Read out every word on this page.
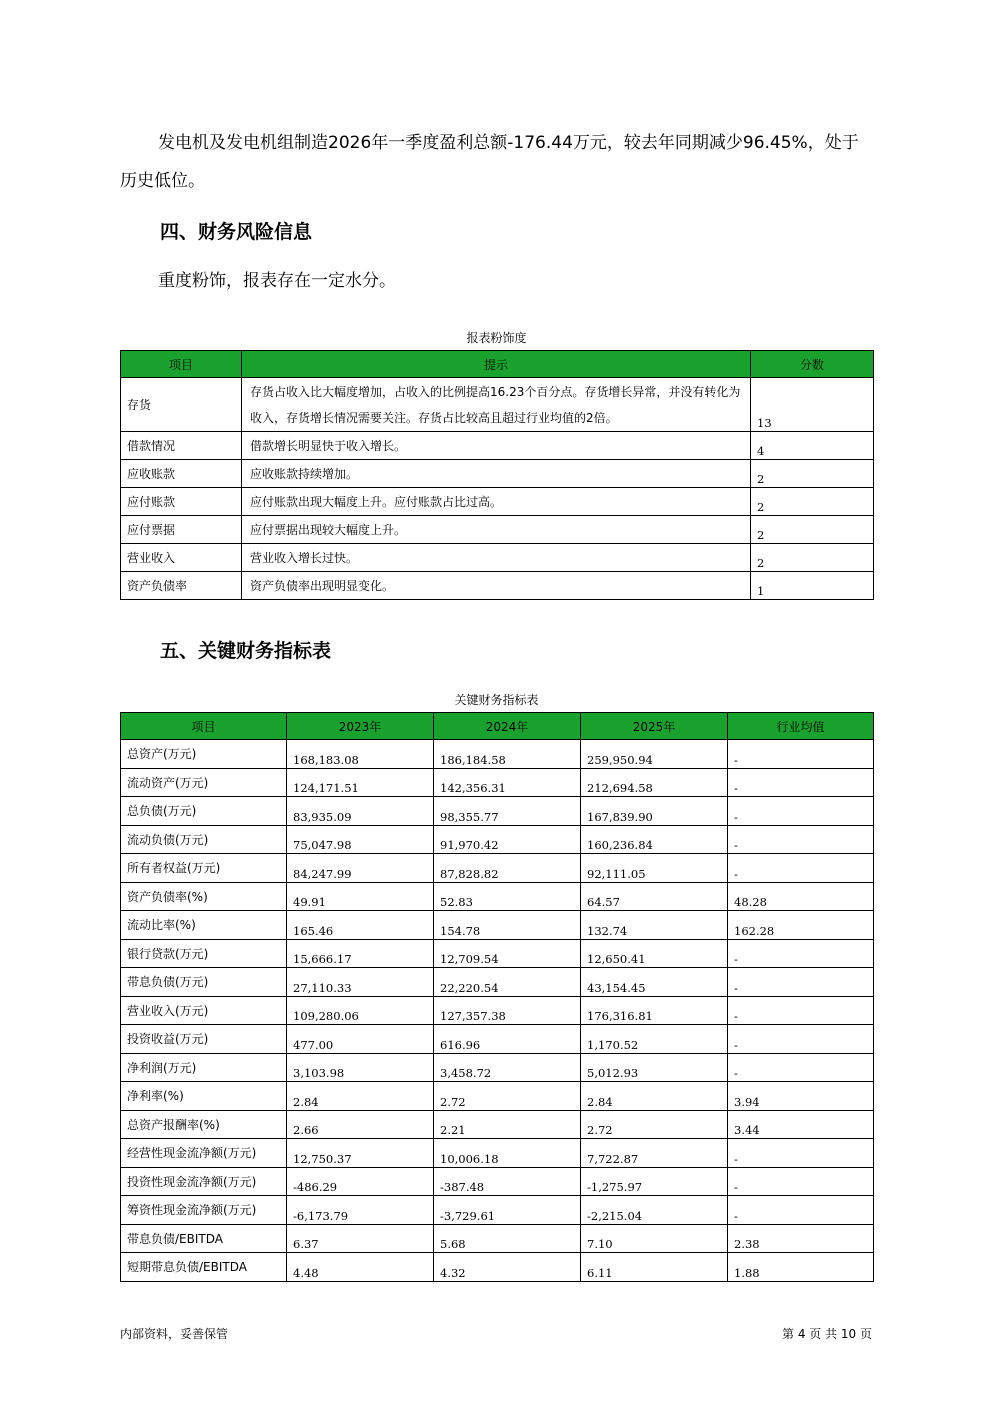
发电机及发电机组制造2026年一季度盈利总额-176.44万元，较去年同期减少96.45%，处于历史低位。

四、财务风险信息

重度粉饰，报表存在一定水分。

报表粉饰度
项目	提示	分数
存货	存货占收入比大幅度增加，占收入的比例提高16.23个百分点。存货增长异常，并没有转化为收入，存货增长情况需要关注。存货占比较高且超过行业均值的2倍。	13
借款情况	借款增长明显快于收入增长。	4
应收账款	应收账款持续增加。	2
应付账款	应付账款出现大幅度上升。应付账款占比过高。	2
应付票据	应付票据出现较大幅度上升。	2
营业收入	营业收入增长过快。	2
资产负债率	资产负债率出现明显变化。	1
五、关键财务指标表
关键财务指标表
项目	2023年	2024年	2025年	行业均值
总资产(万元)	168,183.08	186,184.58	259,950.94	-
流动资产(万元)	124,171.51	142,356.31	212,694.58	-
总负债(万元)	83,935.09	98,355.77	167,839.90	-
流动负债(万元)	75,047.98	91,970.42	160,236.84	-
所有者权益(万元)	84,247.99	87,828.82	92,111.05	-
资产负债率(%)	49.91	52.83	64.57	48.28
流动比率(%)	165.46	154.78	132.74	162.28
银行贷款(万元)	15,666.17	12,709.54	12,650.41	-
带息负债(万元)	27,110.33	22,220.54	43,154.45	-
营业收入(万元)	109,280.06	127,357.38	176,316.81	-
投资收益(万元)	477.00	616.96	1,170.52	-
净利润(万元)	3,103.98	3,458.72	5,012.93	-
净利率(%)	2.84	2.72	2.84	3.94
总资产报酬率(%)	2.66	2.21	2.72	3.44
经营性现金流净额(万元)	12,750.37	10,006.18	7,722.87	-
投资性现金流净额(万元)	-486.29	-387.48	-1,275.97	-
筹资性现金流净额(万元)	-6,173.79	-3,729.61	-2,215.04	-
带息负债/EBITDA	6.37	5.68	7.10	2.38
短期带息负债/EBITDA	4.48	4.32	6.11	1.88
内部资料，妥善保管	第 4 页 共 10 页
